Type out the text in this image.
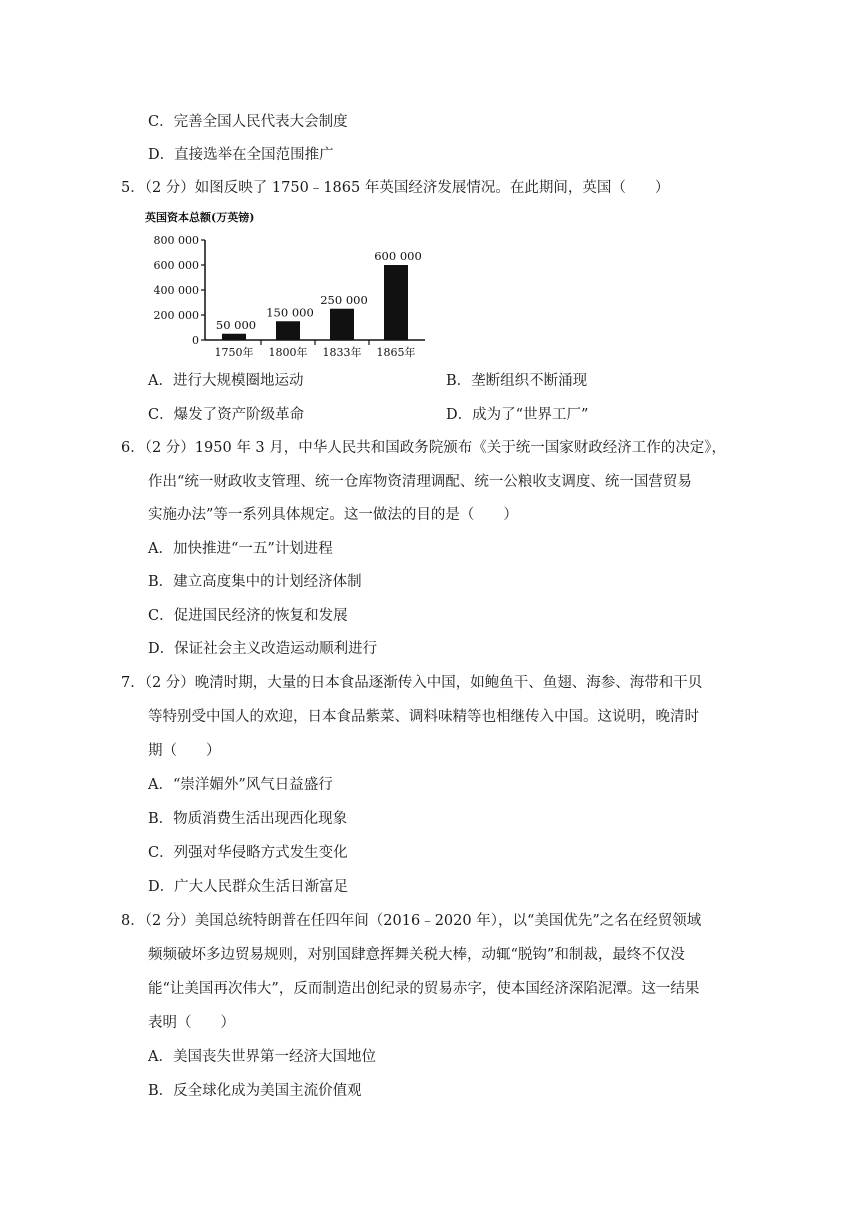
C．完善全国人民代表大会制度
D．直接选举在全国范围推广
5．（2 分）如图反映了 1750﹣1865 年英国经济发展情况。在此期间，英国（　　）
英国资本总额(万英镑)
0
200 000
400 000
600 000
800 000
50 000
1750年
150 000
1800年
250 000
1833年
600 000
1865年
A．进行大规模圈地运动	B．垄断组织不断涌现
C．爆发了资产阶级革命	D．成为了“世界工厂”
6．（2 分）1950 年 3 月，中华人民共和国政务院颁布《关于统一国家财政经济工作的决定》，
作出“统一财政收支管理、统一仓库物资清理调配、统一公粮收支调度、统一国营贸易
实施办法”等一系列具体规定。这一做法的目的是（　　）
A．加快推进“一五”计划进程
B．建立高度集中的计划经济体制
C．促进国民经济的恢复和发展
D．保证社会主义改造运动顺利进行
7．（2 分）晚清时期，大量的日本食品逐渐传入中国，如鲍鱼干、鱼翅、海参、海带和干贝
等特别受中国人的欢迎，日本食品紫菜、调料味精等也相继传入中国。这说明，晚清时
期（　　）
A．“崇洋媚外”风气日益盛行
B．物质消费生活出现西化现象
C．列强对华侵略方式发生变化
D．广大人民群众生活日渐富足
8．（2 分）美国总统特朗普在任四年间（2016﹣2020 年），以“美国优先”之名在经贸领域
频频破坏多边贸易规则，对别国肆意挥舞关税大棒，动辄“脱钩”和制裁，最终不仅没
能“让美国再次伟大”，反而制造出创纪录的贸易赤字，使本国经济深陷泥潭。这一结果
表明（　　）
A．美国丧失世界第一经济大国地位
B．反全球化成为美国主流价值观
